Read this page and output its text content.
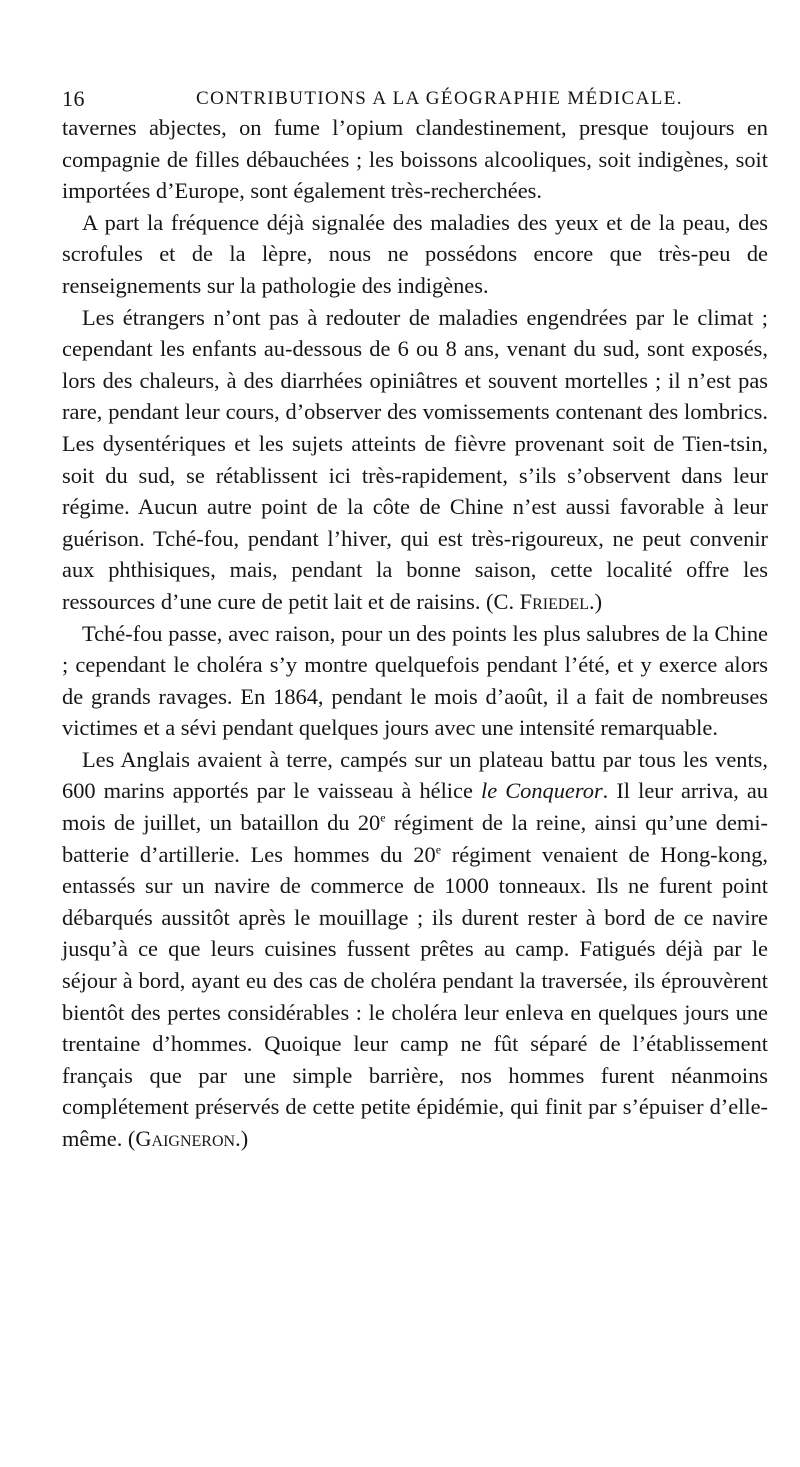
16	CONTRIBUTIONS A LA GÉOGRAPHIE MÉDICALE.

tavernes abjectes, on fume l’opium clandestinement, presque toujours en compagnie de filles débauchées ; les boissons alcooliques, soit indigènes, soit importées d’Europe, sont également très-recherchées.

A part la fréquence déjà signalée des maladies des yeux et de la peau, des scrofules et de la lèpre, nous ne possédons encore que très-peu de renseignements sur la pathologie des indigènes.

Les étrangers n’ont pas à redouter de maladies engendrées par le climat ; cependant les enfants au-dessous de 6 ou 8 ans, venant du sud, sont exposés, lors des chaleurs, à des diarrhées opiniâtres et souvent mortelles ; il n’est pas rare, pendant leur cours, d’observer des vomissements contenant des lombrics. Les dysentériques et les sujets atteints de fièvre provenant soit de Tien-tsin, soit du sud, se rétablissent ici très-rapidement, s’ils s’observent dans leur régime. Aucun autre point de la côte de Chine n’est aussi favorable à leur guérison. Tché-fou, pendant l’hiver, qui est très-rigoureux, ne peut convenir aux phthisiques, mais, pendant la bonne saison, cette localité offre les ressources d’une cure de petit lait et de raisins. (C. Friedel.)

Tché-fou passe, avec raison, pour un des points les plus salubres de la Chine ; cependant le choléra s’y montre quelquefois pendant l’été, et y exerce alors de grands ravages. En 1864, pendant le mois d’août, il a fait de nombreuses victimes et a sévi pendant quelques jours avec une intensité remarquable.

Les Anglais avaient à terre, campés sur un plateau battu par tous les vents, 600 marins apportés par le vaisseau à hélice le Conqueror. Il leur arriva, au mois de juillet, un bataillon du 20e régiment de la reine, ainsi qu’une demi-batterie d’artillerie. Les hommes du 20e régiment venaient de Hong-kong, entassés sur un navire de commerce de 1000 tonneaux. Ils ne furent point débarqués aussitôt après le mouillage ; ils durent rester à bord de ce navire jusqu’à ce que leurs cuisines fussent prêtes au camp. Fatigués déjà par le séjour à bord, ayant eu des cas de choléra pendant la traversée, ils éprouvèrent bientôt des pertes considérables : le choléra leur enleva en quelques jours une trentaine d’hommes. Quoique leur camp ne fût séparé de l’établissement français que par une simple barrière, nos hommes furent néanmoins complétement préservés de cette petite épidémie, qui finit par s’épuiser d’elle-même. (Gaigneron.)
